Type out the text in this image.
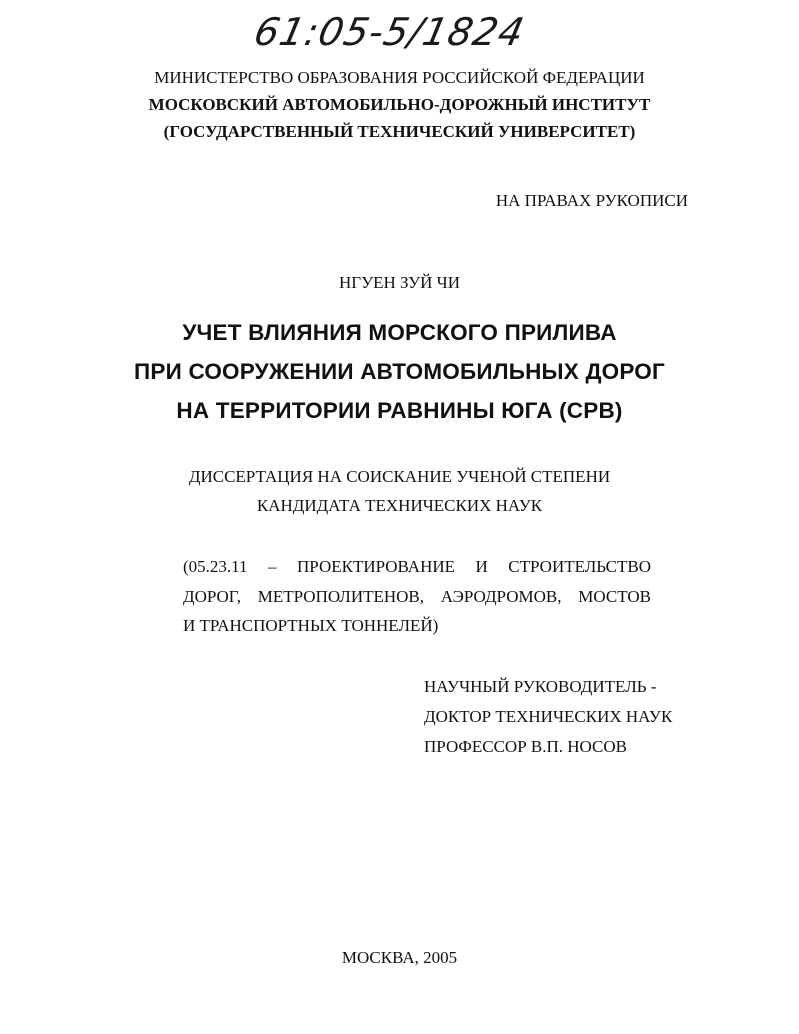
61:05-5/1824
МИНИСТЕРСТВО ОБРАЗОВАНИЯ РОССИЙСКОЙ ФЕДЕРАЦИИ
МОСКОВСКИЙ АВТОМОБИЛЬНО-ДОРОЖНЫЙ ИНСТИТУТ
(ГОСУДАРСТВЕННЫЙ ТЕХНИЧЕСКИЙ УНИВЕРСИТЕТ)
НА ПРАВАХ РУКОПИСИ
НГУЕН ЗУЙ ЧИ
УЧЕТ ВЛИЯНИЯ МОРСКОГО ПРИЛИВА
ПРИ СООРУЖЕНИИ АВТОМОБИЛЬНЫХ ДОРОГ
НА ТЕРРИТОРИИ РАВНИНЫ ЮГА (СРВ)
ДИССЕРТАЦИЯ НА СОИСКАНИЕ УЧЕНОЙ СТЕПЕНИ
КАНДИДАТА ТЕХНИЧЕСКИХ НАУК
(05.23.11 – ПРОЕКТИРОВАНИЕ И СТРОИТЕЛЬСТВО
ДОРОГ, МЕТРОПОЛИТЕНОВ, АЭРОДРОМОВ, МОСТОВ
И ТРАНСПОРТНЫХ ТОННЕЛЕЙ)
НАУЧНЫЙ РУКОВОДИТЕЛЬ -
ДОКТОР ТЕХНИЧЕСКИХ НАУК
ПРОФЕССОР В.П. НОСОВ
МОСКВА, 2005
